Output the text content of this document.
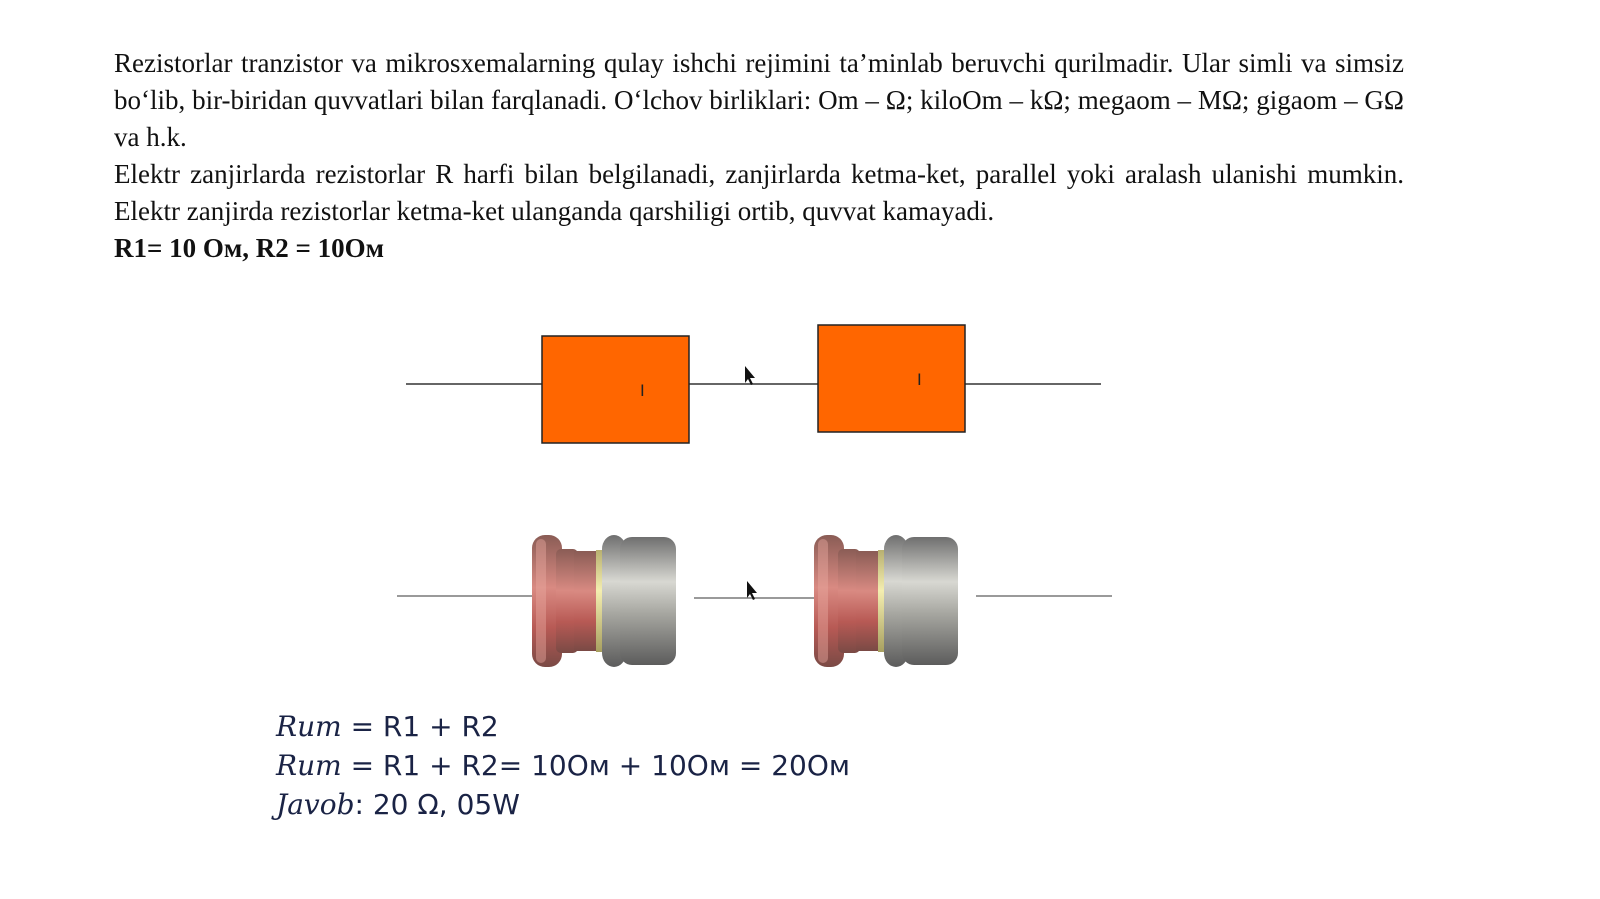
Rezistorlar tranzistor va mikrosxemalarning qulay ishchi rejimini ta’minlab beruvchi qurilmadir. Ular simli va simsiz bo‘lib, bir-biridan quvvatlari bilan farqlanadi. O‘lchov birliklari: Om – Ω; kiloOm – kΩ; megaom – MΩ; gigaom – GΩ va h.k.

Elektr zanjirlarda rezistorlar R harfi bilan belgilanadi, zanjirlarda ketma-ket, parallel yoki aralash ulanishi mumkin. Elektr zanjirda rezistorlar ketma-ket ulanganda qarshiligi ortib, quvvat kamayadi.

R1= 10 Ом, R2 = 10Ом

I
I
Rum = R1 + R2
Rum = R1 + R2= 10Ом + 10Ом = 20Ом
Javob: 20 Ω, 05W
